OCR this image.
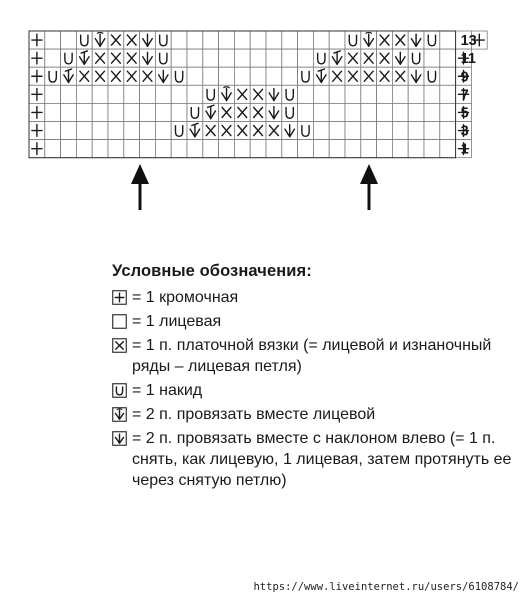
13
11
9
7
5
3
1
Условные обозначения:
= 1 кромочная
= 1 лицевая
= 1 п. платочной вязки (= лицевой и изнаночный ряды – лицевая петля)
= 1 накид
= 2 п. провязать вместе лицевой
= 2 п. провязать вместе с наклоном влево (= 1 п. снять, как лицевую, 1 лицевая, затем протянуть ее через снятую петлю)
https://www.liveinternet.ru/users/6108784/
